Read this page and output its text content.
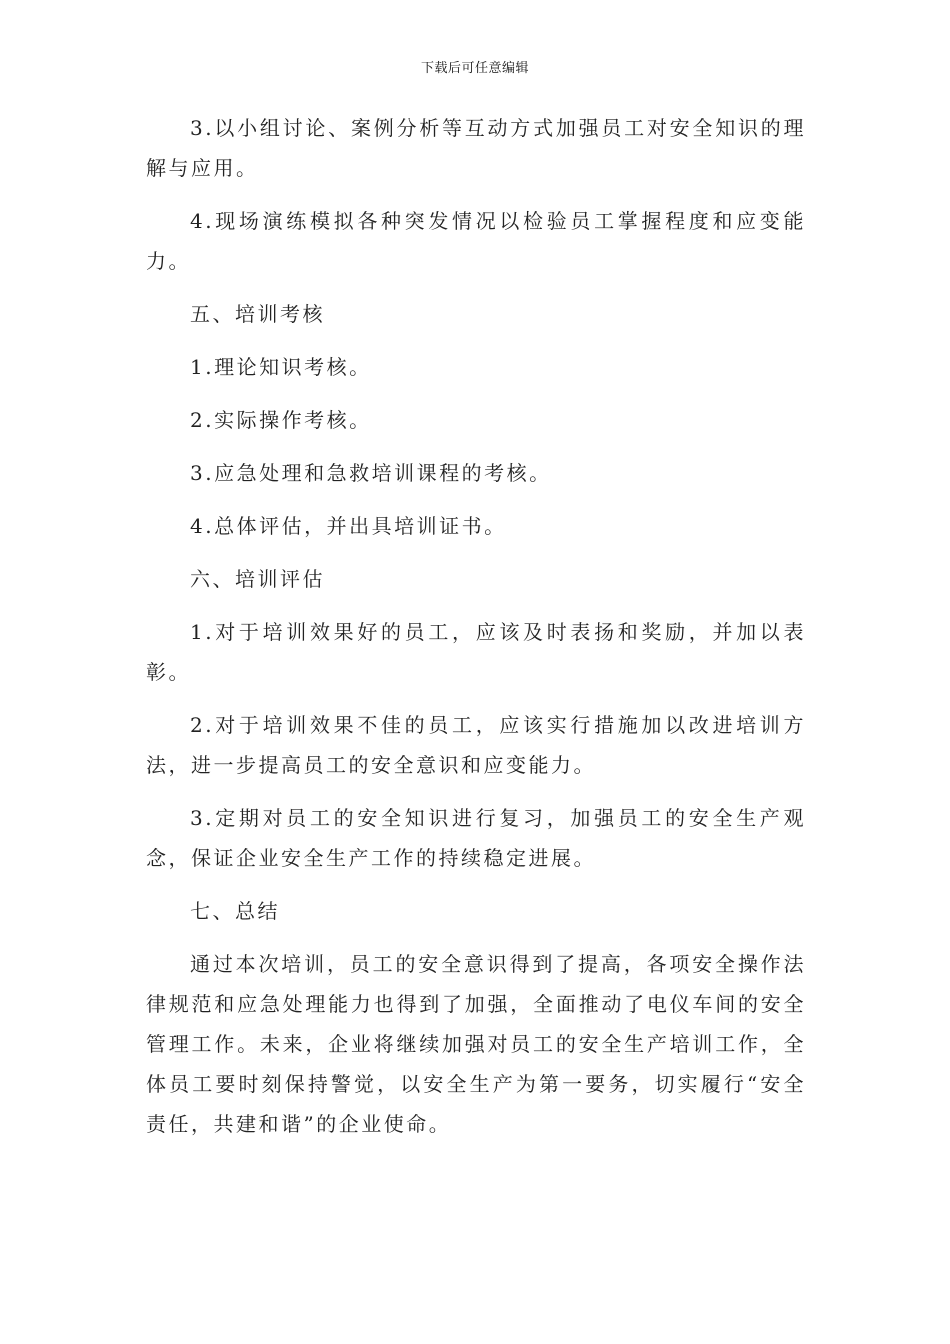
下载后可任意编辑

3.以小组讨论、案例分析等互动方式加强员工对安全知识的理解与应用。

4.现场演练模拟各种突发情况以检验员工掌握程度和应变能力。

五、培训考核

1.理论知识考核。

2.实际操作考核。

3.应急处理和急救培训课程的考核。

4.总体评估，并出具培训证书。

六、培训评估

1.对于培训效果好的员工，应该及时表扬和奖励，并加以表彰。

2.对于培训效果不佳的员工，应该实行措施加以改进培训方法，进一步提高员工的安全意识和应变能力。

3.定期对员工的安全知识进行复习，加强员工的安全生产观念，保证企业安全生产工作的持续稳定进展。

七、总结

通过本次培训，员工的安全意识得到了提高，各项安全操作法律规范和应急处理能力也得到了加强，全面推动了电仪车间的安全管理工作。未来，企业将继续加强对员工的安全生产培训工作，全体员工要时刻保持警觉，以安全生产为第一要务，切实履行“安全责任，共建和谐”的企业使命。
